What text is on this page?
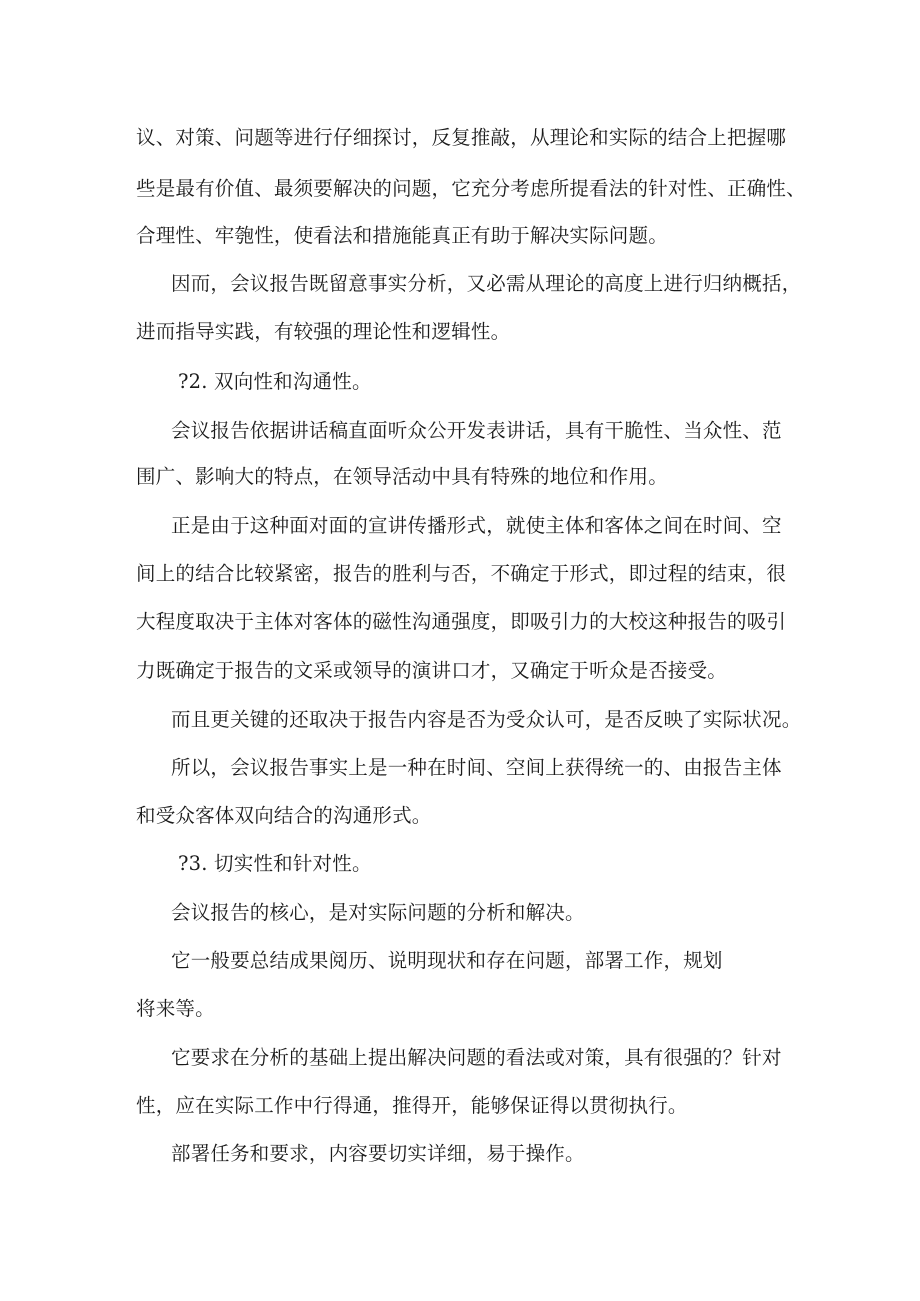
议、对策、问题等进行仔细探讨，反复推敲，从理论和实际的结合上把握哪
些是最有价值、最须要解决的问题，它充分考虑所提看法的针对性、正确性、
合理性、牢匏性，使看法和措施能真正有助于解决实际问题。
因而，会议报告既留意事实分析，又必需从理论的高度上进行归纳概括，
进而指导实践，有较强的理论性和逻辑性。
?2. 双向性和沟通性。
会议报告依据讲话稿直面听众公开发表讲话，具有干脆性、当众性、范
围广、影响大的特点，在领导活动中具有特殊的地位和作用。
正是由于这种面对面的宣讲传播形式，就使主体和客体之间在时间、空
间上的结合比较紧密，报告的胜利与否，不确定于形式，即过程的结束，很
大程度取决于主体对客体的磁性沟通强度，即吸引力的大校这种报告的吸引
力既确定于报告的文采或领导的演讲口才，又确定于听众是否接受。
而且更关键的还取决于报告内容是否为受众认可，是否反映了实际状况。
所以，会议报告事实上是一种在时间、空间上获得统一的、由报告主体
和受众客体双向结合的沟通形式。
?3. 切实性和针对性。
会议报告的核心，是对实际问题的分析和解决。
它一般要总结成果阅历、说明现状和存在问题，部署工作，规划
将来等。
它要求在分析的基础上提出解决问题的看法或对策，具有很强的？针对
性，应在实际工作中行得通，推得开，能够保证得以贯彻执行。
部署任务和要求，内容要切实详细，易于操作。
